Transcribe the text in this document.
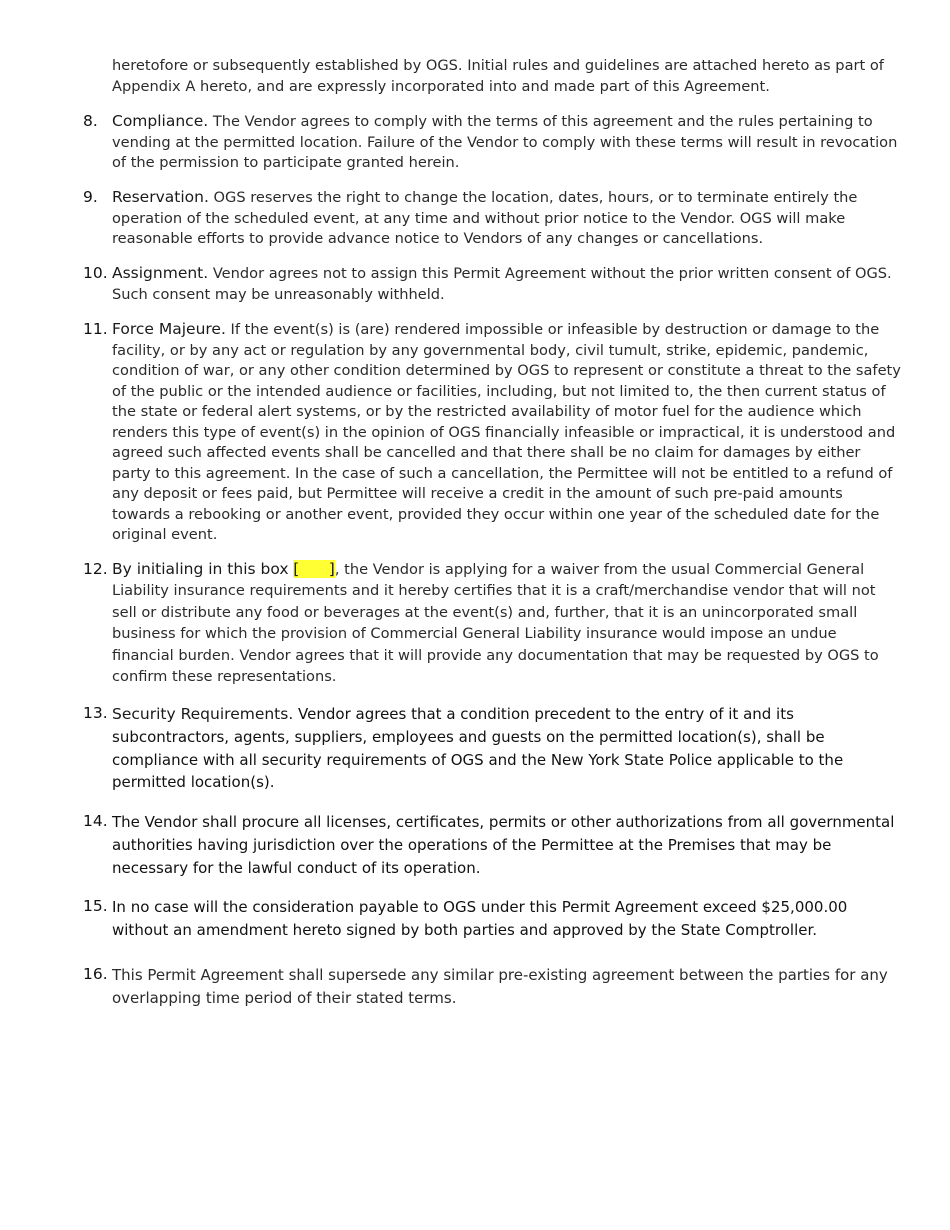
heretofore or subsequently established by OGS. Initial rules and guidelines are attached hereto as part of Appendix A hereto, and are expressly incorporated into and made part of this Agreement.
8. Compliance. The Vendor agrees to comply with the terms of this agreement and the rules pertaining to vending at the permitted location. Failure of the Vendor to comply with these terms will result in revocation of the permission to participate granted herein.
9. Reservation. OGS reserves the right to change the location, dates, hours, or to terminate entirely the operation of the scheduled event, at any time and without prior notice to the Vendor. OGS will make reasonable efforts to provide advance notice to Vendors of any changes or cancellations.
10. Assignment. Vendor agrees not to assign this Permit Agreement without the prior written consent of OGS. Such consent may be unreasonably withheld.
11. Force Majeure. If the event(s) is (are) rendered impossible or infeasible by destruction or damage to the facility, or by any act or regulation by any governmental body, civil tumult, strike, epidemic, pandemic, condition of war, or any other condition determined by OGS to represent or constitute a threat to the safety of the public or the intended audience or facilities, including, but not limited to, the then current status of the state or federal alert systems, or by the restricted availability of motor fuel for the audience which renders this type of event(s) in the opinion of OGS financially infeasible or impractical, it is understood and agreed such affected events shall be cancelled and that there shall be no claim for damages by either party to this agreement. In the case of such a cancellation, the Permittee will not be entitled to a refund of any deposit or fees paid, but Permittee will receive a credit in the amount of such pre-paid amounts towards a rebooking or another event, provided they occur within one year of the scheduled date for the original event.
12. By initialing in this box [      ], the Vendor is applying for a waiver from the usual Commercial General Liability insurance requirements and it hereby certifies that it is a craft/merchandise vendor that will not sell or distribute any food or beverages at the event(s) and, further, that it is an unincorporated small business for which the provision of Commercial General Liability insurance would impose an undue financial burden. Vendor agrees that it will provide any documentation that may be requested by OGS to confirm these representations.
13. Security Requirements. Vendor agrees that a condition precedent to the entry of it and its subcontractors, agents, suppliers, employees and guests on the permitted location(s), shall be compliance with all security requirements of OGS and the New York State Police applicable to the permitted location(s).
14. The Vendor shall procure all licenses, certificates, permits or other authorizations from all governmental authorities having jurisdiction over the operations of the Permittee at the Premises that may be necessary for the lawful conduct of its operation.
15. In no case will the consideration payable to OGS under this Permit Agreement exceed $25,000.00 without an amendment hereto signed by both parties and approved by the State Comptroller.
16. This Permit Agreement shall supersede any similar pre-existing agreement between the parties for any overlapping time period of their stated terms.
